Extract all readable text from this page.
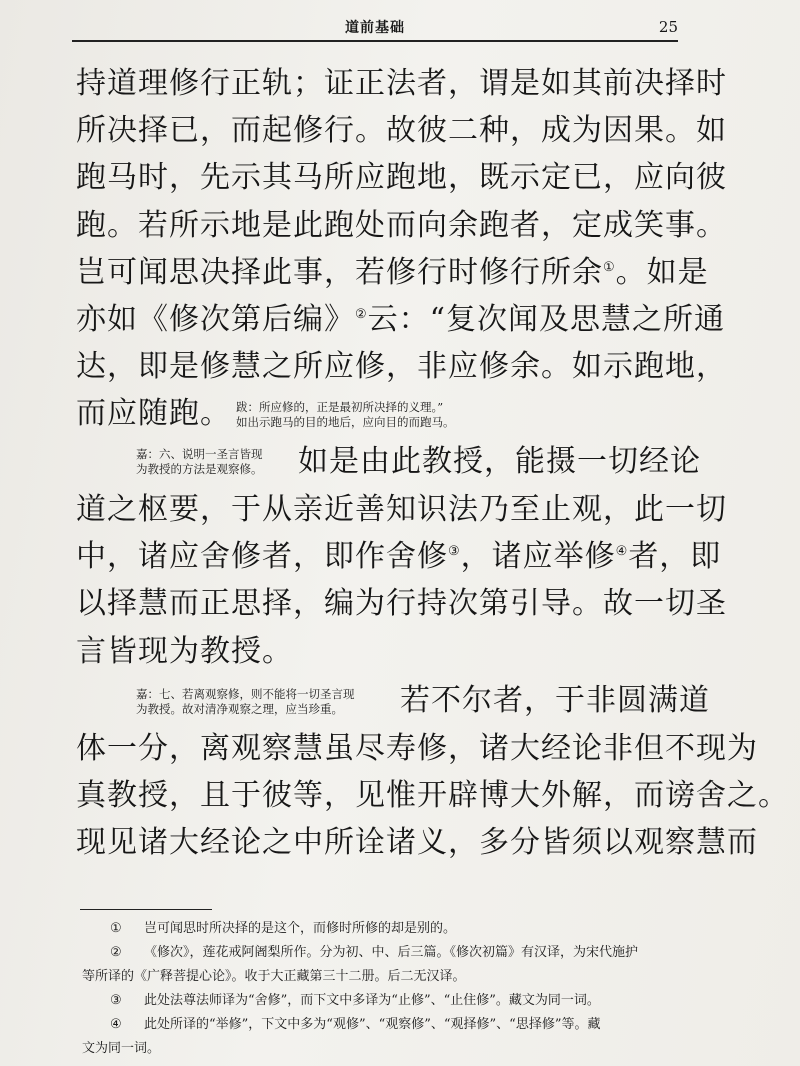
道前基础	25
持道理修行正轨；证正法者，谓是如其前决择时
所决择已，而起修行。故彼二种，成为因果。如
跑马时，先示其马所应跑地，既示定已，应向彼
跑。若所示地是此跑处而向余跑者，定成笑事。
岂可闻思决择此事，若修行时修行所余①。如是
亦如《修次第后编》②云：“复次闻及思慧之所通
达，即是修慧之所应修，非应修余。如示跑地，
而应随跑。 跋：所应修的，正是最初所决择的义理。”
如出示跑马的目的地后，应向目的而跑马。
嘉：六、说明一圣言皆现
为教授的方法是观察修。 如是由此教授，能摄一切经论
道之枢要，于从亲近善知识法乃至止观，此一切
中，诸应舍修者，即作舍修③，诸应举修④者，即
以择慧而正思择，编为行持次第引导。故一切圣
言皆现为教授。
嘉：七、若离观察修，则不能将一切圣言现
为教授。故对清净观察之理，应当珍重。	若不尔者，于非圆满道
体一分，离观察慧虽尽寿修，诸大经论非但不现为
真教授，且于彼等，见惟开辟博大外解，而谤舍之。
现见诸大经论之中所诠诸义，多分皆须以观察慧而
① 岂可闻思时所决择的是这个，而修时所修的却是别的。
② 《修次》，莲花戒阿阇梨所作。分为初、中、后三篇。《修次初篇》有汉译，为宋代施护
等所译的《广释菩提心论》。收于大正藏第三十二册。后二无汉译。
③ 此处法尊法师译为“舍修”，而下文中多译为“止修”、“止住修”。藏文为同一词。
④ 此处所译的“举修”，下文中多为“观修”、“观察修”、“观择修”、“思择修”等。藏
文为同一词。
